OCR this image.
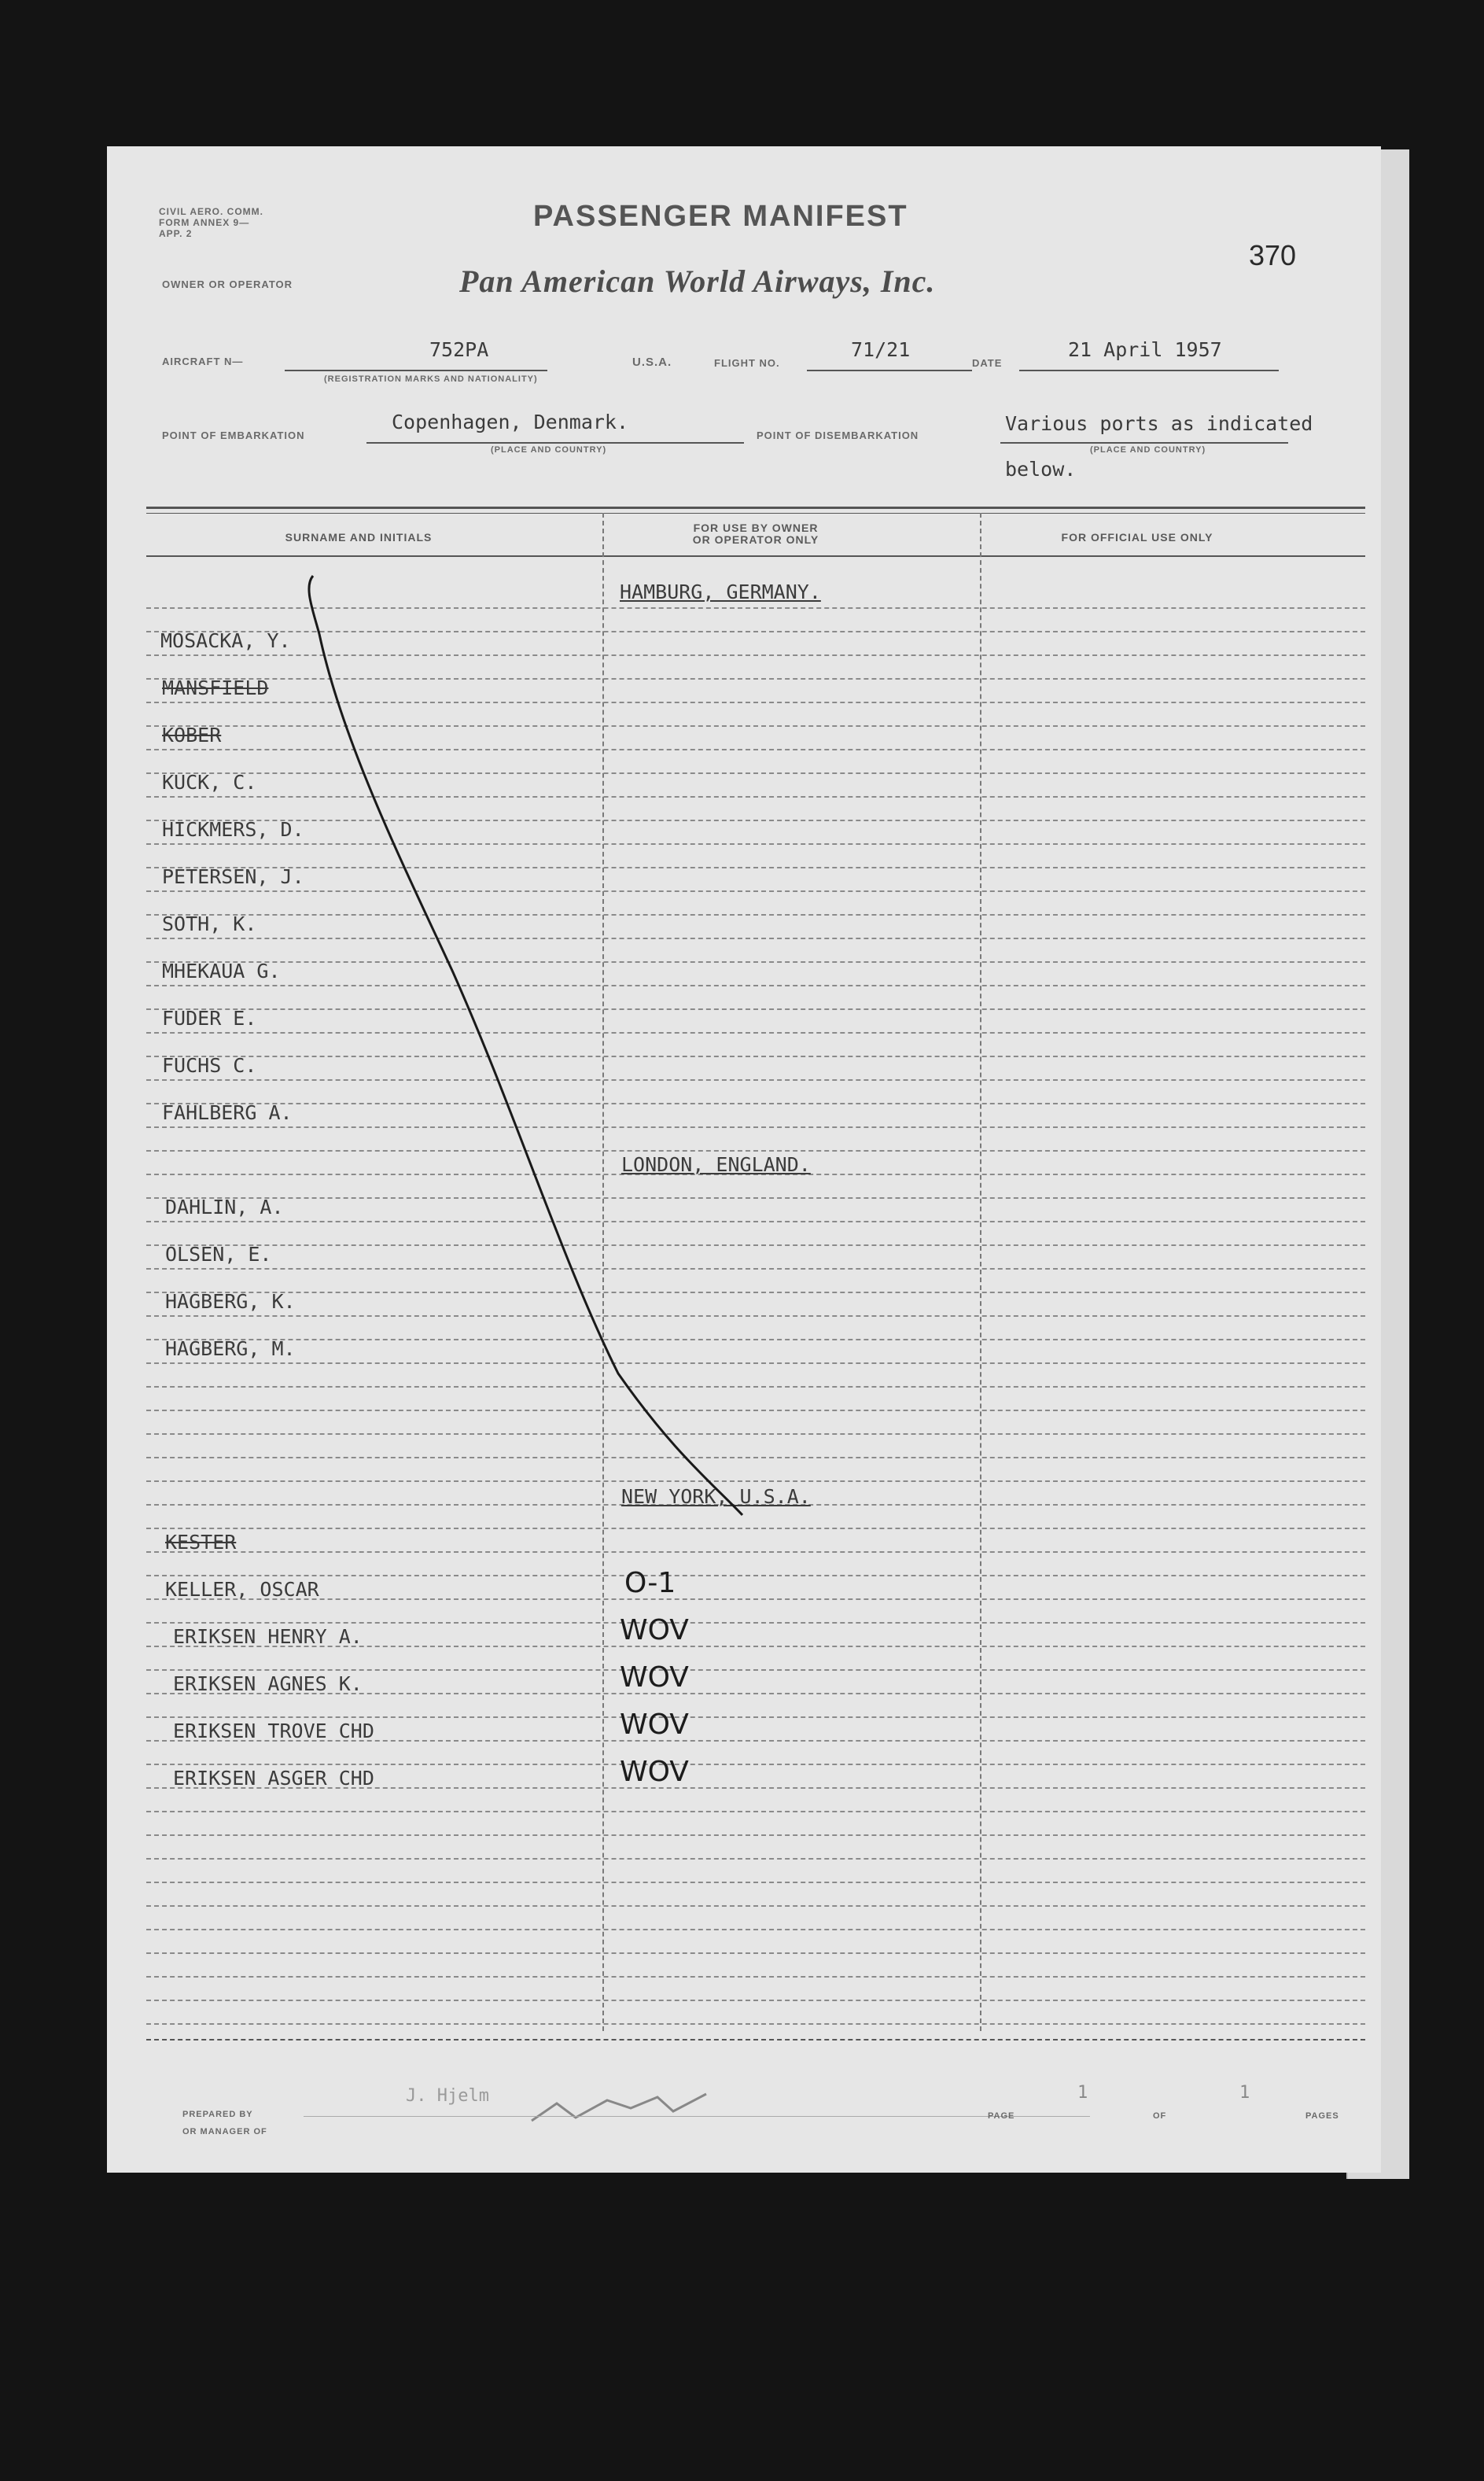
CIVIL AERO. COMM. FORM ANNEX 9—APP. 2
OWNER OR OPERATOR
PASSENGER MANIFEST
Pan American World Airways, Inc.
370
AIRCRAFT N—
752PA
(REGISTRATION MARKS AND NATIONALITY)
U.S.A.	FLIGHT NO.
71/21
DATE
21 April 1957
POINT OF EMBARKATION
Copenhagen, Denmark.
(PLACE AND COUNTRY)
POINT OF DISEMBARKATION
Various ports as indicated
(PLACE AND COUNTRY)
below.
SURNAME AND INITIALS
FOR USE BY OWNER
OR OPERATOR ONLY	FOR OFFICIAL USE ONLY
HAMBURG, GERMANY.
LONDON, ENGLAND.
NEW YORK, U.S.A.
MOSACKA, Y.
MANSFIELD
KOBER
KUCK, C.
HICKMERS, D.
PETERSEN, J.
SOTH, K.
MHEKAUA G.
FUDER E.
FUCHS C.
FAHLBERG A.
DAHLIN, A.
OLSEN, E.
HAGBERG, K.
HAGBERG, M.
KESTER
KELLER, OSCAR
ERIKSEN HENRY A.
ERIKSEN AGNES K.
ERIKSEN TROVE CHD
ERIKSEN ASGER CHD
O-1
WOV
WOV
WOV
WOV
PREPARED BY
OR MANAGER OF
J. Hjelm
PAGE
1
OF
1
PAGES
